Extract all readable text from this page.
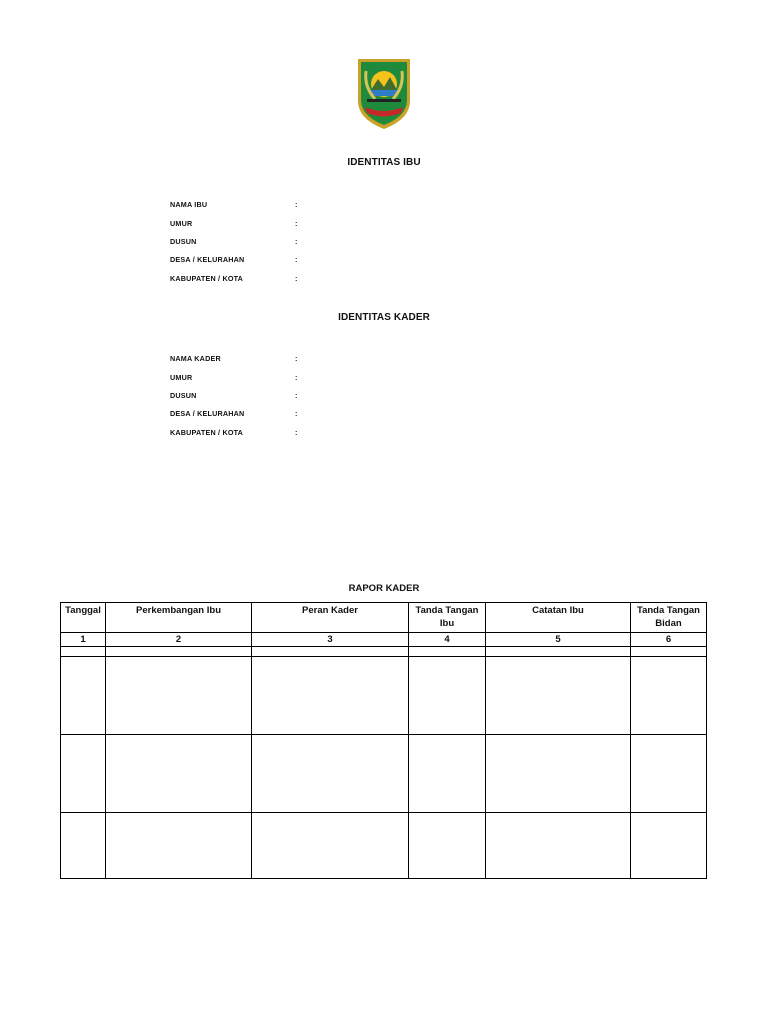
IDENTITAS IBU
NAMA IBU	:
UMUR	:
DUSUN	:
DESA / KELURAHAN	:
KABUPATEN / KOTA	:
IDENTITAS KADER
NAMA KADER	:
UMUR	:
DUSUN	:
DESA / KELURAHAN	:
KABUPATEN / KOTA	:
RAPOR KADER
Tanggal	Perkembangan Ibu	Peran Kader	Tanda Tangan Ibu	Catatan Ibu	Tanda Tangan Bidan
1	2	3	4	5	6
